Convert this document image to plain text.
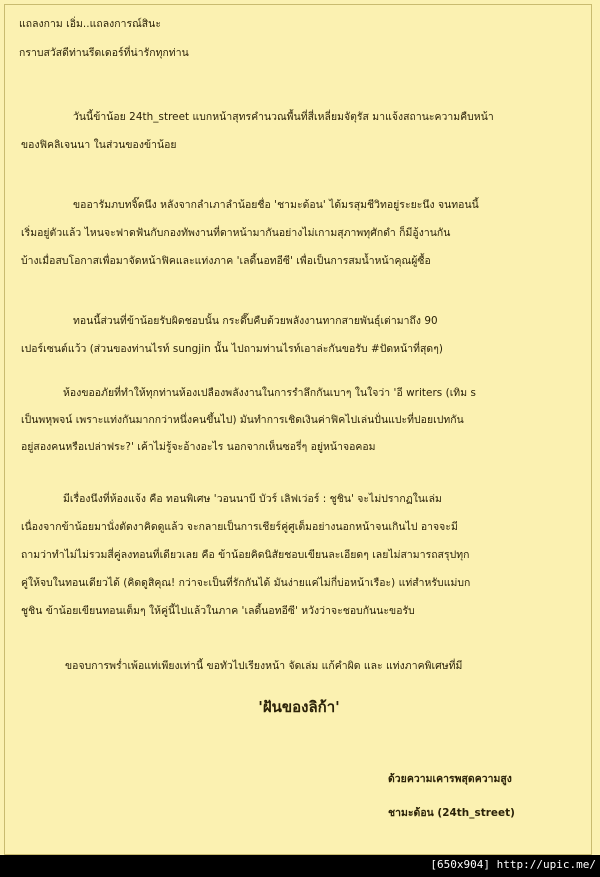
แถลงกาม เอิ่ม..แถลงการณ์สินะ
กราบสวัสดีท่านรีดเดอร์ที่น่ารักทุกท่าน
วันนี้ข้าน้อย 24th_street แบกหน้าสุทรคำนวณพื้นที่สี่เหลี่ยมจัตุรัส มาแจ้งสถานะความคืบหน้า
ของฟิคลิเจนนา ในส่วนของข้าน้อย
ขออารัมภบทจิ๊ดนึง หลังจากลำเภาลำน้อยชื่อ 'ชามะด้อน' ได้มรสุมชีวิทอยู่ระยะนึง จนทอนนี้
เริ่มอยู่ตัวแล้ว ไหนจะฟาดฟันกับกองทัพงานที่ดาหน้ามากันอย่างไม่เกามสุภาพทุศักดำ ก็มีอู้งานกัน
บ้างเมื่อสบโอกาสเพื่อมาจัดหน้าฟิคและแท่งภาค 'เลดี้นอทอีซี' เพื่อเป็นการสมน้ำหน้าคุณผู้ซื้อ
ทอนนี้ส่วนที่ข้าน้อยรับผิดชอบนั้น กระดึ๊บคืบด้วยพลังงานทากสายพันธุ์เต่ามาถึง 90
เปอร์เซนต์แว้ว (ส่วนของท่านไรท์ sungjin นั้น ไปถามท่านไรท์เอาล่ะกันขอรับ #ปัดหน้าที่สุดๆ)
ห้องขออภัยที่ทำให้ทุกท่านห้องเปลืองพลังงานในการรำลึกกันเบาๆ ในใจว่า 'อี writers (เทิม s
เป็นพหุพจน์ เพราะแท่งกันมากกว่าหนึ่งคนขึ้นไป) มันทำการเชิดเงินค่าฟิคไปเล่นปั่นแปะที่ปอยเปทกัน
อยู่สองคนหรือเปล่าฟระ?' เค้าไม่รู้จะอ้างอะไร นอกจากเห็นซอรี่ๆ อยู่หน้าจอคอม
มีเรื่องนึงที่ห้องแจ้ง คือ ทอนพิเศษ 'วอนนาบี บัวร์ เลิฟเว่อร์ : ชูชิน' จะไม่ปรากฏในเล่ม
เนื่องจากข้าน้อยมานั่งตัดงาคิดดูแล้ว จะกลายเป็นการเชียร์คู่ศูเต็มอย่างนอกหน้าจนเกินไป อาจจะมี
ถามว่าทำไม่ไม่รวมสี่คู่ลงทอนที่เดียวเลย คือ ข้าน้อยคิดนิสัยชอบเขียนละเอียดๆ เลยไม่สามารถสรุปทุก
คู่ให้จบในทอนเดียวได้ (คิดดูสิคุณ! กว่าจะเป็นที่รักกันได้ มันง่ายแค่ไม่กี่บ่อหน้าเรือะ) แท่สำหรับแม่บก
ชูชิน ข้าน้อยเขียนทอนเต็มๆ ให้คู่นี้ไปแล้วในภาค 'เลดี้นอทอีซี' หวังว่าจะชอบกันนะขอรับ
ขอจบการพร่ำเพ้อแท่เพียงเท่านี้ ขอทัวไปเรียงหน้า จัดเล่ม แก้คำผิด และ แท่งภาคพิเศษที่มี
'ฝันของลิก้า'
ด้วยความเคารพสุดความสูง
ชามะด้อน (24th_street)
[650x904] http://upic.me/
